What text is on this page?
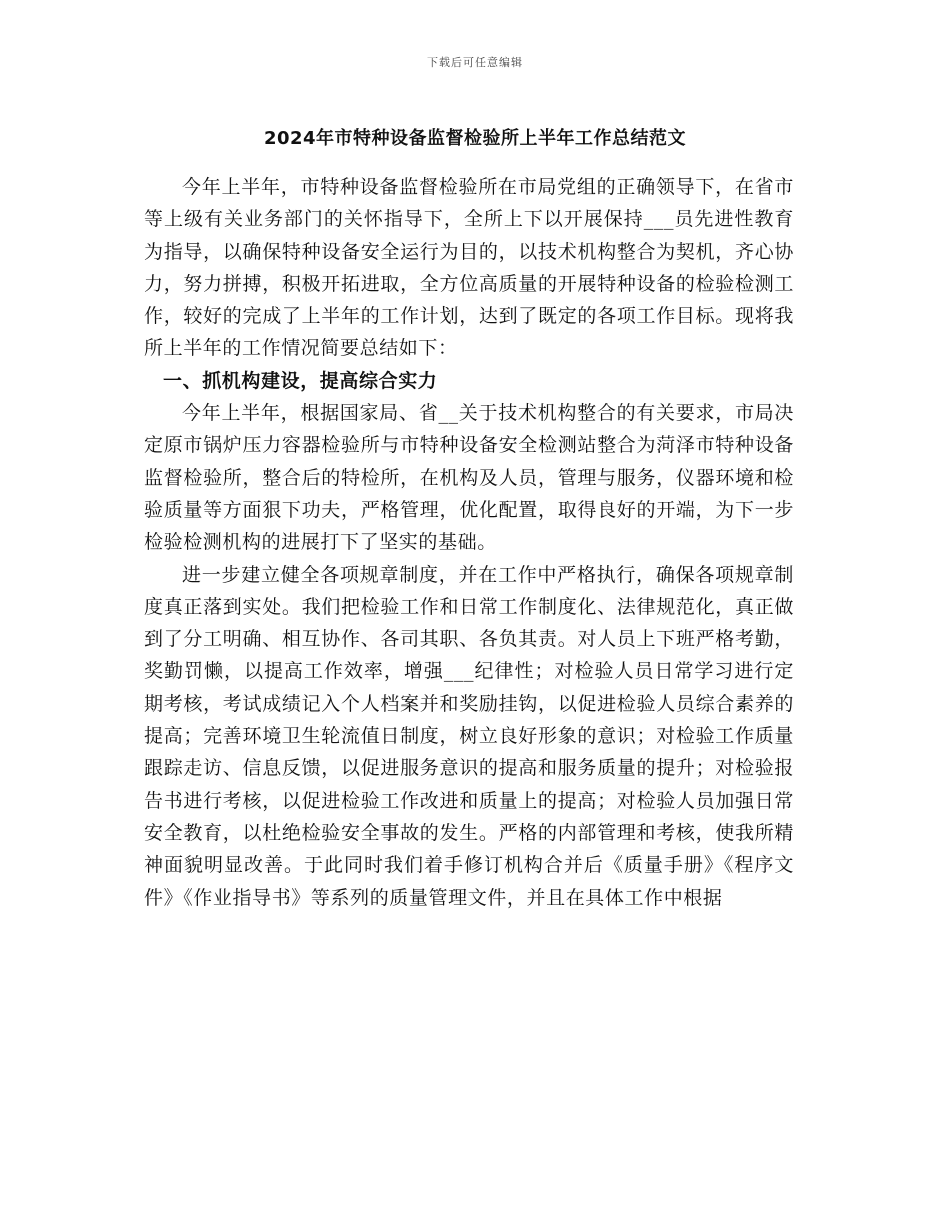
下载后可任意编辑
2024年市特种设备监督检验所上半年工作总结范文

今年上半年，市特种设备监督检验所在市局党组的正确领导下，在省市等上级有关业务部门的关怀指导下，全所上下以开展保持___员先进性教育为指导，以确保特种设备安全运行为目的，以技术机构整合为契机，齐心协力，努力拼搏，积极开拓进取，全方位高质量的开展特种设备的检验检测工作，较好的完成了上半年的工作计划，达到了既定的各项工作目标。现将我所上半年的工作情况简要总结如下：

一、抓机构建设，提高综合实力

今年上半年，根据国家局、省__关于技术机构整合的有关要求，市局决定原市锅炉压力容器检验所与市特种设备安全检测站整合为菏泽市特种设备监督检验所，整合后的特检所，在机构及人员，管理与服务，仪器环境和检验质量等方面狠下功夫，严格管理，优化配置，取得良好的开端，为下一步检验检测机构的进展打下了坚实的基础。

进一步建立健全各项规章制度，并在工作中严格执行，确保各项规章制度真正落到实处。我们把检验工作和日常工作制度化、法律规范化，真正做到了分工明确、相互协作、各司其职、各负其责。对人员上下班严格考勤，奖勤罚懒，以提高工作效率，增强___纪律性；对检验人员日常学习进行定期考核，考试成绩记入个人档案并和奖励挂钩，以促进检验人员综合素养的提高；完善环境卫生轮流值日制度，树立良好形象的意识；对检验工作质量跟踪走访、信息反馈，以促进服务意识的提高和服务质量的提升；对检验报告书进行考核，以促进检验工作改进和质量上的提高；对检验人员加强日常安全教育，以杜绝检验安全事故的发生。严格的内部管理和考核，使我所精神面貌明显改善。于此同时我们着手修订机构合并后《质量手册》《程序文件》《作业指导书》等系列的质量管理文件，并且在具体工作中根据
